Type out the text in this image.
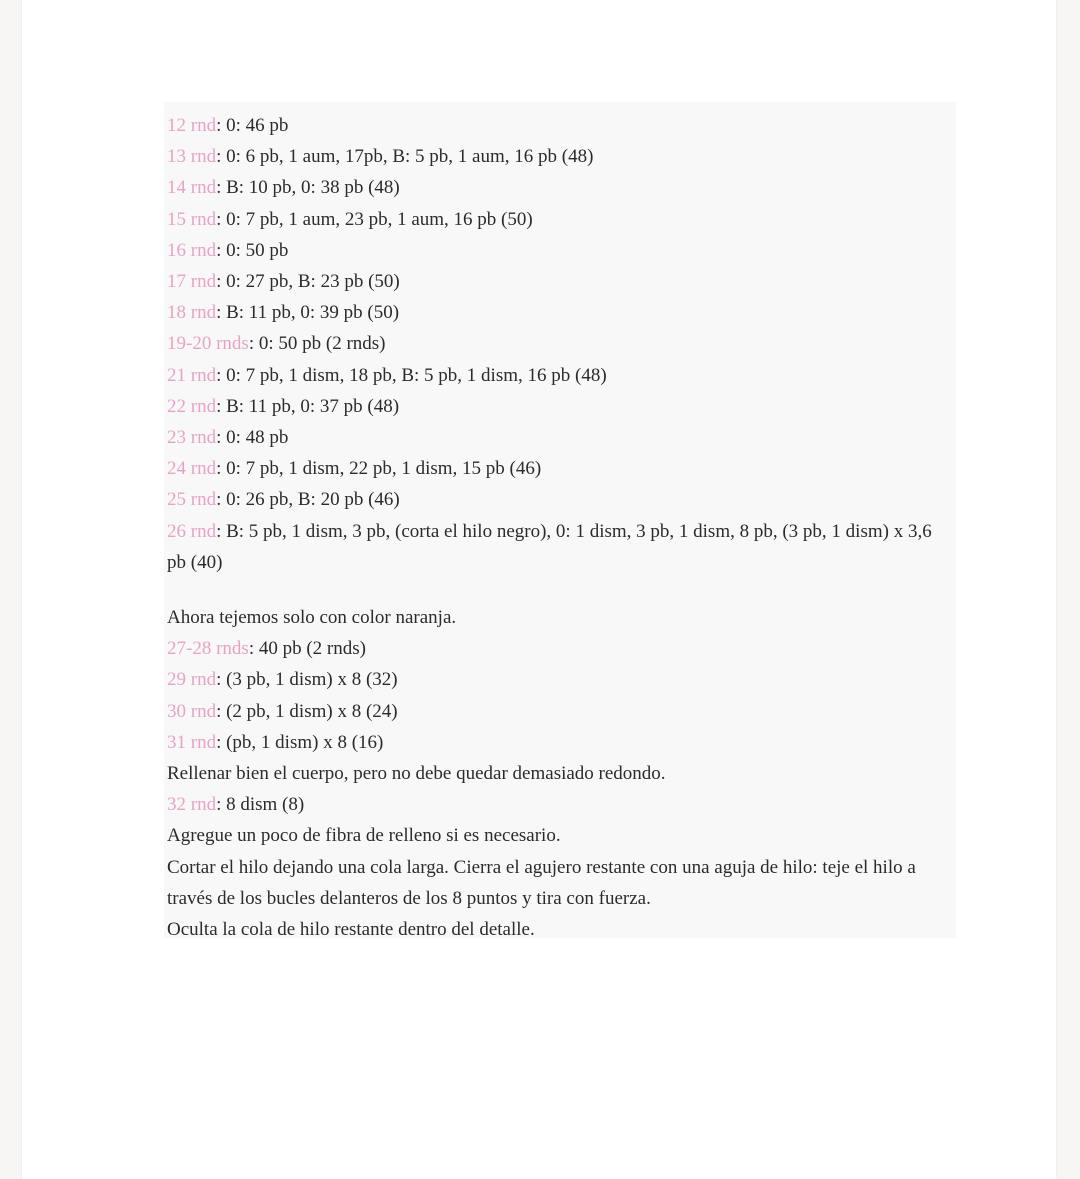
12 rnd: 0: 46 pb
13 rnd: 0: 6 pb, 1 aum, 17pb, B: 5 pb, 1 aum, 16 pb (48)
14 rnd: B: 10 pb, 0: 38 pb (48)
15 rnd: 0: 7 pb, 1 aum, 23 pb, 1 aum, 16 pb (50)
16 rnd: 0: 50 pb
17 rnd: 0: 27 pb, B: 23 pb (50)
18 rnd: B: 11 pb, 0: 39 pb (50)
19-20 rnds: 0: 50 pb (2 rnds)
21 rnd: 0: 7 pb, 1 dism, 18 pb, B: 5 pb, 1 dism, 16 pb (48)
22 rnd: B: 11 pb, 0: 37 pb (48)
23 rnd: 0: 48 pb
24 rnd: 0: 7 pb, 1 dism, 22 pb, 1 dism, 15 pb (46)
25 rnd: 0: 26 pb, B: 20 pb (46)
26 rnd: B: 5 pb, 1 dism, 3 pb, (corta el hilo negro), 0: 1 dism, 3 pb, 1 dism, 8 pb, (3 pb, 1 dism) x 3,6 pb (40)
Ahora tejemos solo con color naranja.
27-28 rnds: 40 pb (2 rnds)
29 rnd: (3 pb, 1 dism) x 8 (32)
30 rnd: (2 pb, 1 dism) x 8 (24)
31 rnd: (pb, 1 dism) x 8 (16)
Rellenar bien el cuerpo, pero no debe quedar demasiado redondo.
32 rnd: 8 dism (8)
Agregue un poco de fibra de relleno si es necesario.
Cortar el hilo dejando una cola larga. Cierra el agujero restante con una aguja de hilo: teje el hilo a través de los bucles delanteros de los 8 puntos y tira con fuerza.
Oculta la cola de hilo restante dentro del detalle.
